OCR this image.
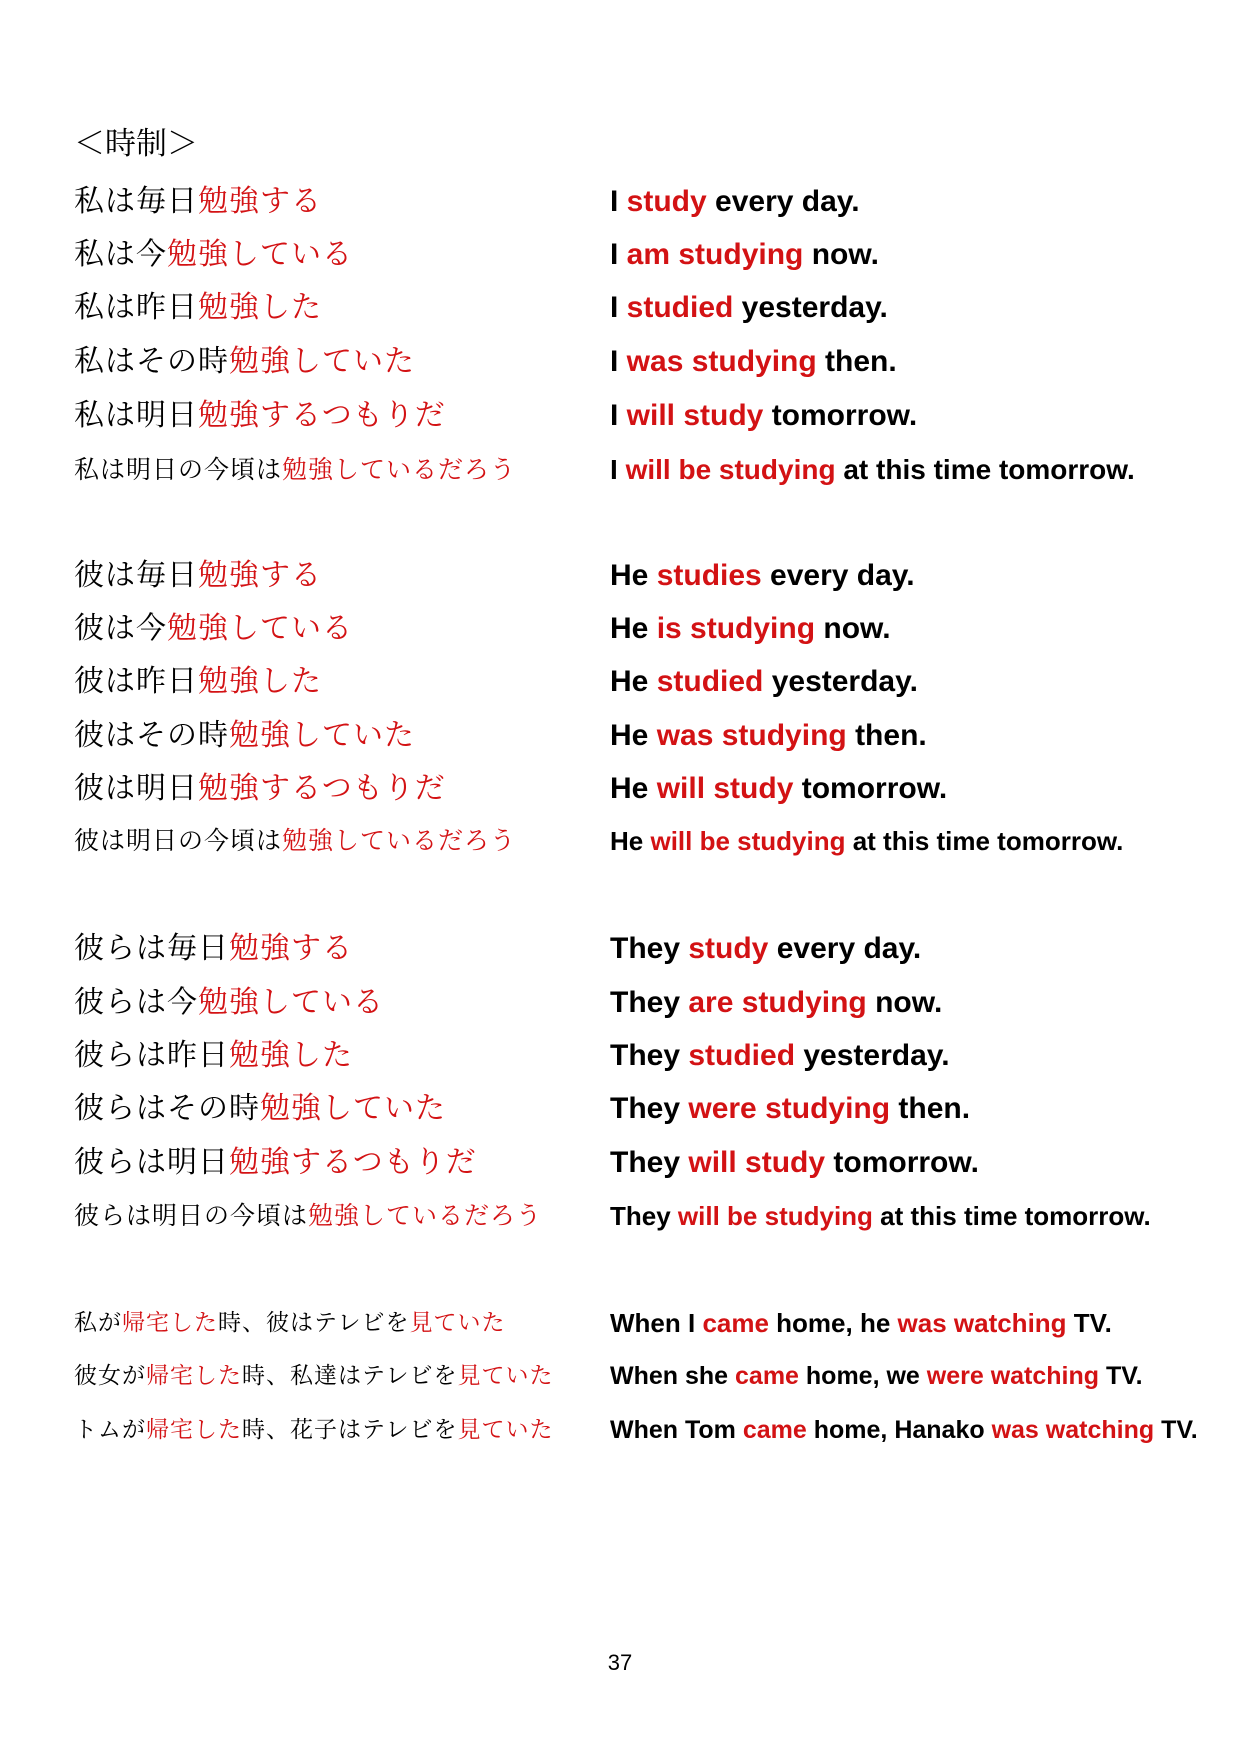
＜時制＞
私は毎日勉強する	I study every day.
私は今勉強している	I am studying now.
私は昨日勉強した	I studied yesterday.
私はその時勉強していた	I was studying then.
私は明日勉強するつもりだ	I will study tomorrow.
私は明日の今頃は勉強しているだろう	I will be studying at this time tomorrow.
彼は毎日勉強する	He studies every day.
彼は今勉強している	He is studying now.
彼は昨日勉強した	He studied yesterday.
彼はその時勉強していた	He was studying then.
彼は明日勉強するつもりだ	He will study tomorrow.
彼は明日の今頃は勉強しているだろう	He will be studying at this time tomorrow.
彼らは毎日勉強する	They study every day.
彼らは今勉強している	They are studying now.
彼らは昨日勉強した	They studied yesterday.
彼らはその時勉強していた	They were studying then.
彼らは明日勉強するつもりだ	They will study tomorrow.
彼らは明日の今頃は勉強しているだろう	They will be studying at this time tomorrow.
私が帰宅した時、彼はテレビを見ていた	When I came home, he was watching TV.
彼女が帰宅した時、私達はテレビを見ていた When she came home, we were watching TV.
トムが帰宅した時、花子はテレビを見ていた When Tom came home, Hanako was watching TV.
37
